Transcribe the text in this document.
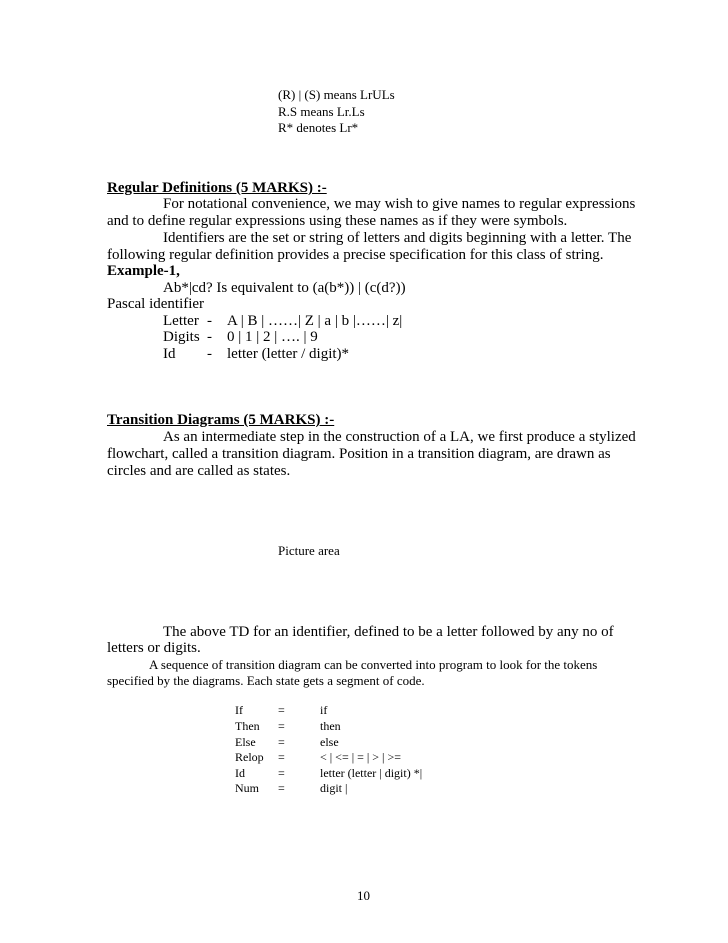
(R) | (S) means LrULs
R.S means Lr.Ls
R* denotes Lr*
Regular Definitions (5 MARKS) :-
For notational convenience, we may wish to give names to regular expressions
and to define regular expressions using these names as if they were symbols.
Identifiers are the set or string of letters and digits beginning with a letter. The
following regular definition provides a precise specification for this class of string.
Example-1,
Ab*|cd? Is equivalent to (a(b*)) | (c(d?))
Pascal identifier
Letter - A | B | ……| Z | a | b |……| z|
Digits - 0 | 1 | 2 | …. | 9
Id - letter (letter / digit)*
Transition Diagrams (5 MARKS) :-
As an intermediate step in the construction of a LA, we first produce a stylized
flowchart, called a transition diagram. Position in a transition diagram, are drawn as
circles and are called as states.
Picture area
The above TD for an identifier, defined to be a letter followed by any no of
letters or digits.
A sequence of transition diagram can be converted into program to look for the tokens
specified by the diagrams. Each state gets a segment of code.
If	=	if
Then =	then
Else =	else
Relop =	< | <= | = | > | >=
Id	=	letter (letter | digit) *|
Num =	digit |
10
